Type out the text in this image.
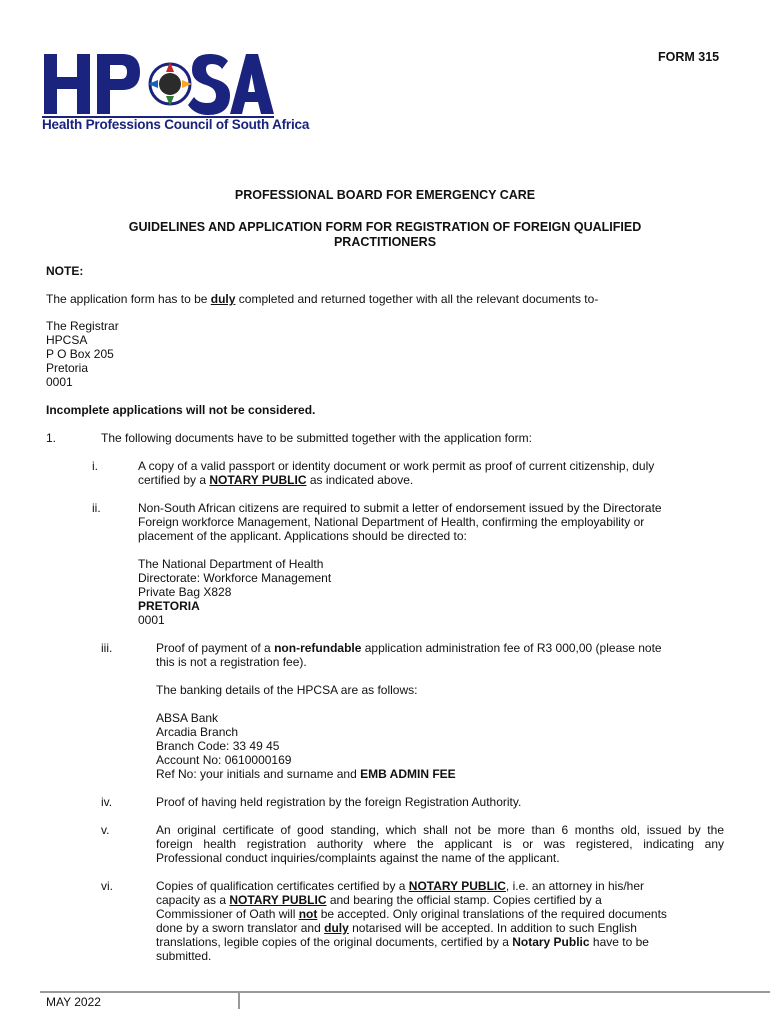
FORM 315
Health Professions Council of South Africa
PROFESSIONAL BOARD FOR EMERGENCY CARE
GUIDELINES AND APPLICATION FORM FOR REGISTRATION OF FOREIGN QUALIFIED
PRACTITIONERS
NOTE:
The application form has to be duly completed and returned together with all the relevant documents to-
The Registrar
HPCSA
P O Box 205
Pretoria
0001
Incomplete applications will not be considered.
1.	The following documents have to be submitted together with the application form:
i.	A copy of a valid passport or identity document or work permit as proof of current citizenship, duly
certified by a NOTARY PUBLIC as indicated above.
ii.	Non-South African citizens are required to submit a letter of endorsement issued by the Directorate
Foreign workforce Management, National Department of Health, confirming the employability or
placement of the applicant. Applications should be directed to:
The National Department of Health
Directorate: Workforce Management
Private Bag X828
PRETORIA
0001
iii.	Proof of payment of a non-refundable application administration fee of R3 000,00 (please note
this is not a registration fee).
The banking details of the HPCSA are as follows:
ABSA Bank
Arcadia Branch
Branch Code: 33 49 45
Account No: 0610000169
Ref No: your initials and surname and EMB ADMIN FEE
iv.	Proof of having held registration by the foreign Registration Authority.
v.	An original certificate of good standing, which shall not be more than 6 months old, issued by the
foreign health registration authority where the applicant is or was registered, indicating any
Professional conduct inquiries/complaints against the name of the applicant.
vi.	Copies of qualification certificates certified by a NOTARY PUBLIC, i.e. an attorney in his/her
capacity as a NOTARY PUBLIC and bearing the official stamp. Copies certified by a
Commissioner of Oath will not be accepted. Only original translations of the required documents
done by a sworn translator and duly notarised will be accepted. In addition to such English
translations, legible copies of the original documents, certified by a Notary Public have to be
submitted.
MAY 2022
